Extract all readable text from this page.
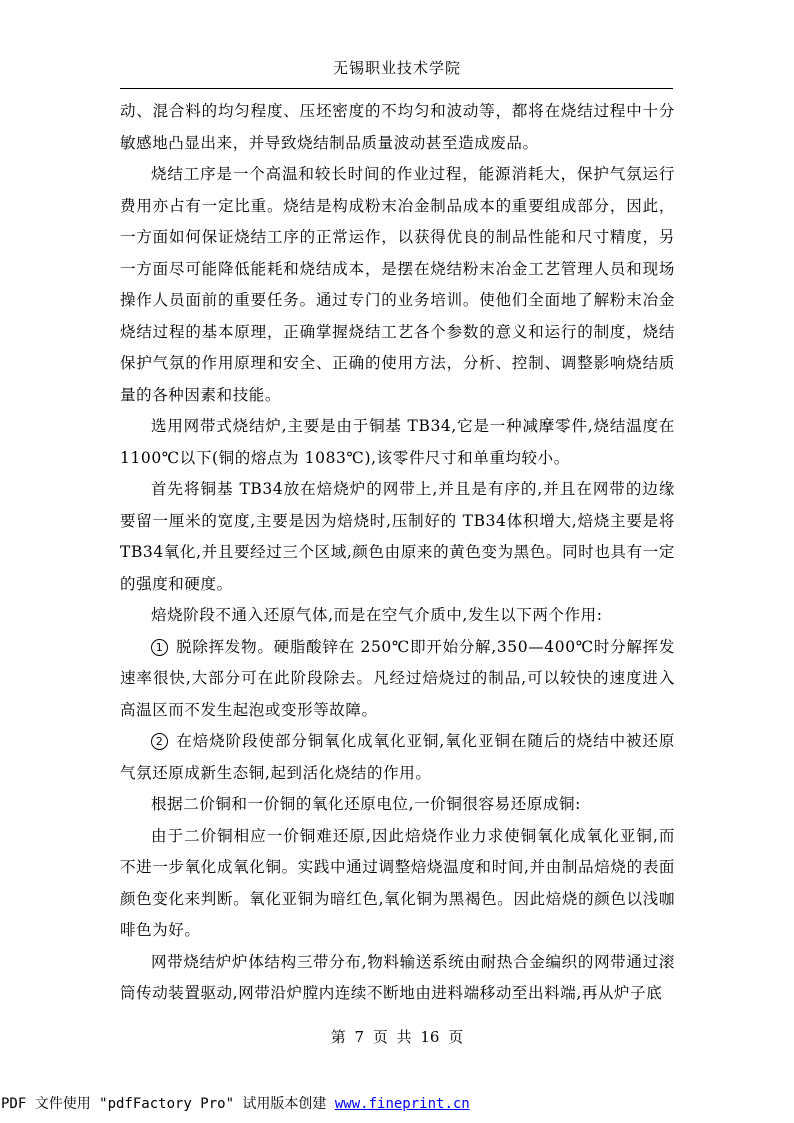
无锡职业技术学院

动、混合料的均匀程度、压坯密度的不均匀和波动等，都将在烧结过程中十分敏感地凸显出来，并导致烧结制品质量波动甚至造成废品。

烧结工序是一个高温和较长时间的作业过程，能源消耗大，保护气氛运行费用亦占有一定比重。烧结是构成粉末冶金制品成本的重要组成部分，因此，一方面如何保证烧结工序的正常运作，以获得优良的制品性能和尺寸精度，另一方面尽可能降低能耗和烧结成本，是摆在烧结粉末冶金工艺管理人员和现场操作人员面前的重要任务。通过专门的业务培训。使他们全面地了解粉末冶金烧结过程的基本原理，正确掌握烧结工艺各个参数的意义和运行的制度，烧结保护气氛的作用原理和安全、正确的使用方法，分析、控制、调整影响烧结质量的各种因素和技能。

选用网带式烧结炉,主要是由于铜基 TB34,它是一种减摩零件,烧结温度在 1100℃以下(铜的熔点为 1083℃),该零件尺寸和单重均较小。

首先将铜基 TB34放在焙烧炉的网带上,并且是有序的,并且在网带的边缘要留一厘米的宽度,主要是因为焙烧时,压制好的 TB34体积增大,焙烧主要是将 TB34氧化,并且要经过三个区域,颜色由原来的黄色变为黑色。同时也具有一定的强度和硬度。

焙烧阶段不通入还原气体,而是在空气介质中,发生以下两个作用:

1 脱除挥发物。硬脂酸锌在 250℃即开始分解,350—400℃时分解挥发速率很快,大部分可在此阶段除去。凡经过焙烧过的制品,可以较快的速度进入高温区而不发生起泡或变形等故障。

2 在焙烧阶段使部分铜氧化成氧化亚铜,氧化亚铜在随后的烧结中被还原气氛还原成新生态铜,起到活化烧结的作用。

根据二价铜和一价铜的氧化还原电位,一价铜很容易还原成铜:

由于二价铜相应一价铜难还原,因此焙烧作业力求使铜氧化成氧化亚铜,而不进一步氧化成氧化铜。实践中通过调整焙烧温度和时间,并由制品焙烧的表面颜色变化来判断。氧化亚铜为暗红色,氧化铜为黑褐色。因此焙烧的颜色以浅咖啡色为好。

网带烧结炉炉体结构三带分布,物料输送系统由耐热合金编织的网带通过滚筒传动装置驱动,网带沿炉膛内连续不断地由进料端移动至出料端,再从炉子底

第 7 页 共 16 页
PDF 文件使用 "pdfFactory Pro" 试用版本创建 www.fineprint.cn
